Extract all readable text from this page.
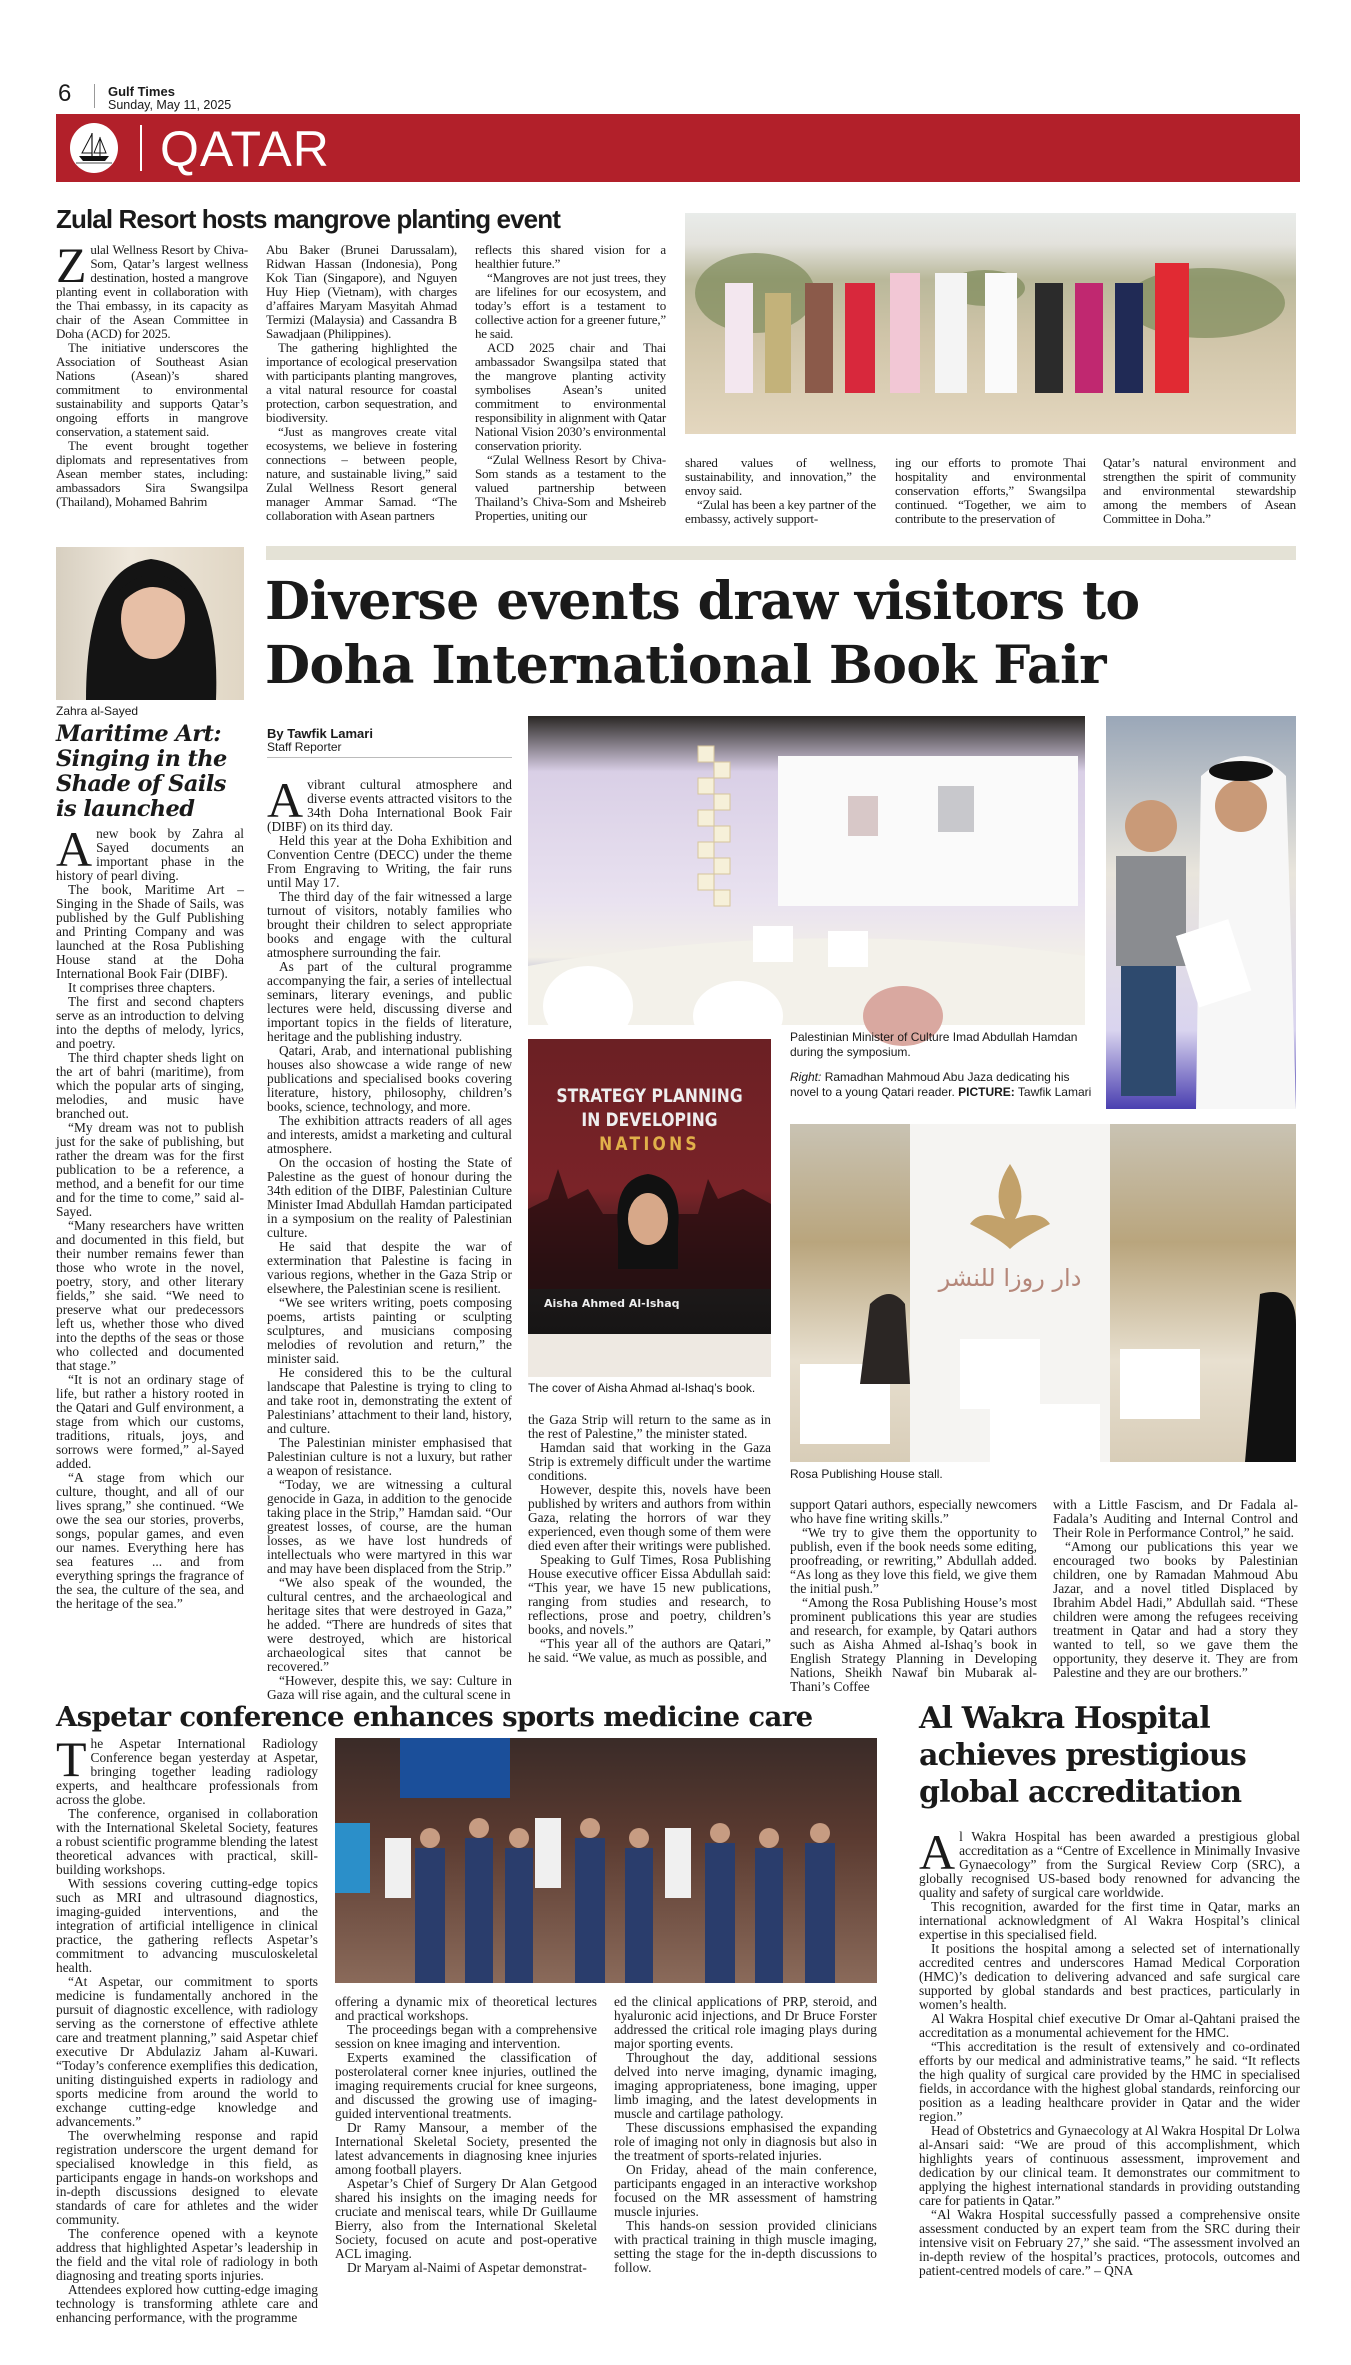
6	Gulf Times
Sunday, May 11, 2025
QATAR
Zulal Resort hosts mangrove planting event

Zulal Wellness Resort by Chiva-Som, Qatar’s largest wellness destination, hosted a mangrove planting event in collaboration with the Thai embassy, in its capacity as chair of the Asean Committee in Doha (ACD) for 2025.

The initiative underscores the Association of Southeast Asian Nations (Asean)’s shared commitment to environmental sustainability and supports Qatar’s ongoing efforts in mangrove conservation, a statement said.

The event brought together diplomats and representatives from Asean member states, including: ambassadors Sira Swangsilpa (Thailand), Mohamed Bahrim

Abu Baker (Brunei Darussalam), Ridwan Hassan (Indonesia), Pong Kok Tian (Singapore), and Nguyen Huy Hiep (Vietnam), with charges d’affaires Maryam Masyitah Ahmad Termizi (Malaysia) and Cassandra B Sawadjaan (Philippines).

The gathering highlighted the importance of ecological preservation with participants planting mangroves, a vital natural resource for coastal protection, carbon sequestration, and biodiversity.

“Just as mangroves create vital ecosystems, we believe in fostering connections – between people, nature, and sustainable living,” said Zulal Wellness Resort general manager Ammar Samad. “The collaboration with Asean partners

reflects this shared vision for a healthier future.”

“Mangroves are not just trees, they are lifelines for our ecosystem, and today’s effort is a testament to collective action for a greener future,” he said.

ACD 2025 chair and Thai ambassador Swangsilpa stated that the mangrove planting activity symbolises Asean’s united commitment to environmental responsibility in alignment with Qatar National Vision 2030’s environmental conservation priority.

“Zulal Wellness Resort by Chiva-Som stands as a testament to the valued partnership between Thailand’s Chiva-Som and Msheireb Properties, uniting our

shared values of wellness, sustainability, and innovation,” the envoy said.

“Zulal has been a key partner of the embassy, actively support-

ing our efforts to promote Thai hospitality and environmental conservation efforts,” Swangsilpa continued. “Together, we aim to contribute to the preservation of

Qatar’s natural environment and strengthen the spirit of community and environmental stewardship among the members of Asean Committee in Doha.”

Zahra al-Sayed
Maritime Art: Singing in the Shade of Sails is launched

Anew book by Zahra al Sayed documents an important phase in the history of pearl diving.

The book, Maritime Art – Singing in the Shade of Sails, was published by the Gulf Publishing and Printing Company and was launched at the Rosa Publishing House stand at the Doha International Book Fair (DIBF).

It comprises three chapters.

The first and second chapters serve as an introduction to delving into the depths of melody, lyrics, and poetry.

The third chapter sheds light on the art of bahri (maritime), from which the popular arts of singing, melodies, and music have branched out.

“My dream was not to publish just for the sake of publishing, but rather the dream was for the first publication to be a reference, a method, and a benefit for our time and for the time to come,” said al-Sayed.

“Many researchers have written and documented in this field, but their number remains fewer than those who wrote in the novel, poetry, story, and other literary fields,” she said. “We need to preserve what our predecessors left us, whether those who dived into the depths of the seas or those who collected and documented that stage.”

“It is not an ordinary stage of life, but rather a history rooted in the Qatari and Gulf environment, a stage from which our customs, traditions, rituals, joys, and sorrows were formed,” al-Sayed added.

“A stage from which our culture, thought, and all of our lives sprang,” she continued. “We owe the sea our stories, proverbs, songs, popular games, and even our names. Everything here has sea features ... and from everything springs the fragrance of the sea, the culture of the sea, and the heritage of the sea.”

Diverse events draw visitors to
Doha International Book Fair
By Tawfik Lamari
Staff Reporter

Avibrant cultural atmosphere and diverse events attracted visitors to the 34th Doha International Book Fair (DIBF) on its third day.

Held this year at the Doha Exhibition and Convention Centre (DECC) under the theme From Engraving to Writing, the fair runs until May 17.

The third day of the fair witnessed a large turnout of visitors, notably families who brought their children to select appropriate books and engage with the cultural atmosphere surrounding the fair.

As part of the cultural programme accompanying the fair, a series of intellectual seminars, literary evenings, and public lectures were held, discussing diverse and important topics in the fields of literature, heritage and the publishing industry.

Qatari, Arab, and international publishing houses also showcase a wide range of new publications and specialised books covering literature, history, philosophy, children’s books, science, technology, and more.

The exhibition attracts readers of all ages and interests, amidst a marketing and cultural atmosphere.

On the occasion of hosting the State of Palestine as the guest of honour during the 34th edition of the DIBF, Palestinian Culture Minister Imad Abdullah Hamdan participated in a symposium on the reality of Palestinian culture.

He said that despite the war of extermination that Palestine is facing in various regions, whether in the Gaza Strip or elsewhere, the Palestinian scene is resilient.

“We see writers writing, poets composing poems, artists painting or sculpting sculptures, and musicians composing melodies of revolution and return,” the minister said.

He considered this to be the cultural landscape that Palestine is trying to cling to and take root in, demonstrating the extent of Palestinians’ attachment to their land, history, and culture.

The Palestinian minister emphasised that Palestinian culture is not a luxury, but rather a weapon of resistance.

“Today, we are witnessing a cultural genocide in Gaza, in addition to the genocide taking place in the Strip,” Hamdan said. “Our greatest losses, of course, are the human losses, as we have lost hundreds of intellectuals who were martyred in this war and may have been displaced from the Strip.”

“We also speak of the wounded, the cultural centres, and the archaeological and heritage sites that were destroyed in Gaza,” he added. “There are hundreds of sites that were destroyed, which are historical archaeological sites that cannot be recovered.”

“However, despite this, we say: Culture in Gaza will rise again, and the cultural scene in

Palestinian Minister of Culture Imad Abdullah Hamdan during the symposium.
Right: Ramadhan Mahmoud Abu Jaza dedicating his novel to a young Qatari reader. PICTURE: Tawfik Lamari
STRATEGY PLANNING
IN DEVELOPING
NATIONS
Aisha Ahmed Al-Ishaq
The cover of Aisha Ahmad al-Ishaq’s book.

the Gaza Strip will return to the same as in the rest of Palestine,” the minister stated.

Hamdan said that working in the Gaza Strip is extremely difficult under the wartime conditions.

However, despite this, novels have been published by writers and authors from within Gaza, relating the horrors of war they experienced, even though some of them were died even after their writings were published.

Speaking to Gulf Times, Rosa Publishing House executive officer Eissa Abdullah said: “This year, we have 15 new publications, ranging from studies and research, to reflections, prose and poetry, children’s books, and novels.”

“This year all of the authors are Qatari,” he said. “We value, as much as possible, and

دار روزا للنشر
Rosa Publishing House stall.

support Qatari authors, especially newcomers who have fine writing skills.”

“We try to give them the opportunity to publish, even if the book needs some editing, proofreading, or rewriting,” Abdullah added. “As long as they love this field, we give them the initial push.”

“Among the Rosa Publishing House’s most prominent publications this year are studies and research, for example, by Qatari authors such as Aisha Ahmed al-Ishaq’s book in English Strategy Planning in Developing Nations, Sheikh Nawaf bin Mubarak al-Thani’s Coffee

with a Little Fascism, and Dr Fadala al-Fadala’s Auditing and Internal Control and Their Role in Performance Control,” he said.

“Among our publications this year we encouraged two books by Palestinian children, one by Ramadan Mahmoud Abu Jazar, and a novel titled Displaced by Ibrahim Abdel Hadi,” Abdullah said. “These children were among the refugees receiving treatment in Qatar and had a story they wanted to tell, so we gave them the opportunity, they deserve it. They are from Palestine and they are our brothers.”

Aspetar conference enhances sports medicine care

The Aspetar International Radiology Conference began yesterday at Aspetar, bringing together leading radiology experts, and healthcare professionals from across the globe.

The conference, organised in collaboration with the International Skeletal Society, features a robust scientific programme blending the latest theoretical advances with practical, skill-building workshops.

With sessions covering cutting-edge topics such as MRI and ultrasound diagnostics, imaging-guided interventions, and the integration of artificial intelligence in clinical practice, the gathering reflects Aspetar’s commitment to advancing musculoskeletal health.

“At Aspetar, our commitment to sports medicine is fundamentally anchored in the pursuit of diagnostic excellence, with radiology serving as the cornerstone of effective athlete care and treatment planning,” said Aspetar chief executive Dr Abdulaziz Jaham al-Kuwari. “Today’s conference exemplifies this dedication, uniting distinguished experts in radiology and sports medicine from around the world to exchange cutting-edge knowledge and advancements.”

The overwhelming response and rapid registration underscore the urgent demand for specialised knowledge in this field, as participants engage in hands-on workshops and in-depth discussions designed to elevate standards of care for athletes and the wider community.

The conference opened with a keynote address that highlighted Aspetar’s leadership in the field and the vital role of radiology in both diagnosing and treating sports injuries.

Attendees explored how cutting-edge imaging technology is transforming athlete care and enhancing performance, with the programme

offering a dynamic mix of theoretical lectures and practical workshops.

The proceedings began with a comprehensive session on knee imaging and intervention.

Experts examined the classification of posterolateral corner knee injuries, outlined the imaging requirements crucial for knee surgeons, and discussed the growing use of imaging-guided interventional treatments.

Dr Ramy Mansour, a member of the International Skeletal Society, presented the latest advancements in diagnosing knee injuries among football players.

Aspetar’s Chief of Surgery Dr Alan Getgood shared his insights on the imaging needs for cruciate and meniscal tears, while Dr Guillaume Bierry, also from the International Skeletal Society, focused on acute and post-operative ACL imaging.

Dr Maryam al-Naimi of Aspetar demonstrat-

ed the clinical applications of PRP, steroid, and hyaluronic acid injections, and Dr Bruce Forster addressed the critical role imaging plays during major sporting events.

Throughout the day, additional sessions delved into nerve imaging, dynamic imaging, imaging appropriateness, bone imaging, upper limb imaging, and the latest developments in muscle and cartilage pathology.

These discussions emphasised the expanding role of imaging not only in diagnosis but also in the treatment of sports-related injuries.

On Friday, ahead of the main conference, participants engaged in an interactive workshop focused on the MR assessment of hamstring muscle injuries.

This hands-on session provided clinicians with practical training in thigh muscle imaging, setting the stage for the in-depth discussions to follow.

Al Wakra Hospital achieves prestigious global accreditation

Al Wakra Hospital has been awarded a prestigious global accreditation as a “Centre of Excellence in Minimally Invasive Gynaecology” from the Surgical Review Corp (SRC), a globally recognised US-based body renowned for advancing the quality and safety of surgical care worldwide.

This recognition, awarded for the first time in Qatar, marks an international acknowledgment of Al Wakra Hospital’s clinical expertise in this specialised field.

It positions the hospital among a selected set of internationally accredited centres and underscores Hamad Medical Corporation (HMC)’s dedication to delivering advanced and safe surgical care supported by global standards and best practices, particularly in women’s health.

Al Wakra Hospital chief executive Dr Omar al-Qahtani praised the accreditation as a monumental achievement for the HMC.

“This accreditation is the result of extensively and co-ordinated efforts by our medical and administrative teams,” he said. “It reflects the high quality of surgical care provided by the HMC in specialised fields, in accordance with the highest global standards, reinforcing our position as a leading healthcare provider in Qatar and the wider region.”

Head of Obstetrics and Gynaecology at Al Wakra Hospital Dr Lolwa al-Ansari said: “We are proud of this accomplishment, which highlights years of continuous assessment, improvement and dedication by our clinical team. It demonstrates our commitment to applying the highest international standards in providing outstanding care for patients in Qatar.”

“Al Wakra Hospital successfully passed a comprehensive onsite assessment conducted by an expert team from the SRC during their intensive visit on February 27,” she said. “The assessment involved an in-depth review of the hospital’s practices, protocols, outcomes and patient-centred models of care.” – QNA
